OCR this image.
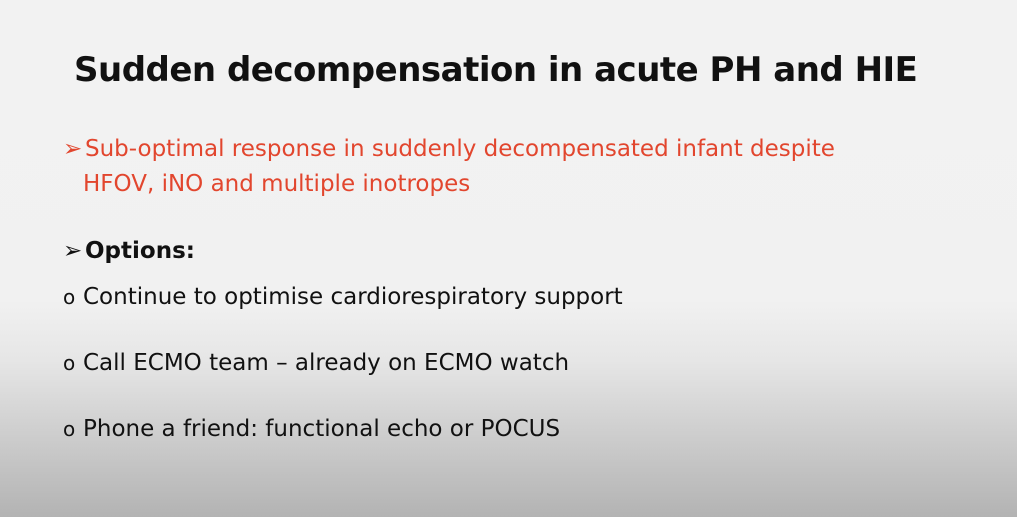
Sudden decompensation in acute PH and HIE
➢ Sub-optimal response in suddenly decompensated infant despite
HFOV, iNO and multiple inotropes
➢ Options:
o Continue to optimise cardiorespiratory support
o Call ECMO team – already on ECMO watch
o Phone a friend: functional echo or POCUS
